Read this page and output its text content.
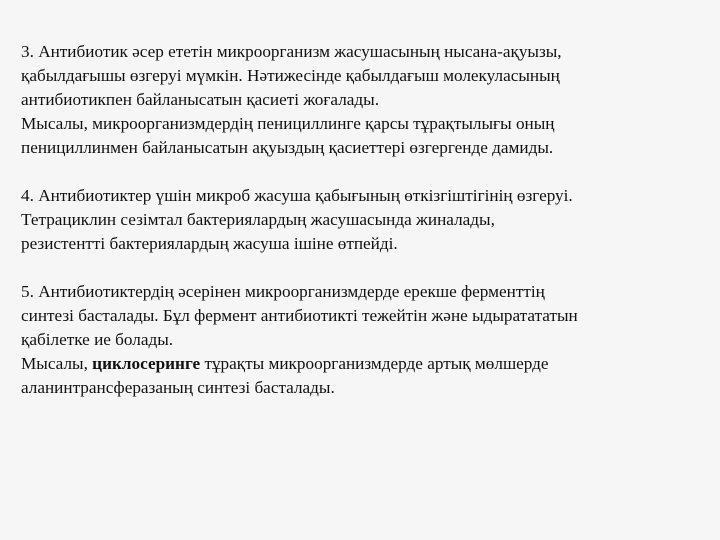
3. Антибиотик әсер ететін микроорганизм жасушасының нысана-ақуызы,
қабылдағышы өзгеруі мүмкін. Нәтижесінде қабылдағыш молекуласының
антибиотикпен байланысатын қасиеті жоғалады.
Мысалы, микроорганизмдердің пенициллинге қарсы тұрақтылығы оның
пенициллинмен байланысатын ақуыздың қасиеттері өзгергенде дамиды.

4. Антибиотиктер үшін микроб жасуша қабығының өткізгіштігінің өзгеруі.
Тетрациклин сезімтал бактериялардың жасушасында жиналады,
резистентті бактериялардың жасуша ішіне өтпейді.

5. Антибиотиктердің әсерінен микроорганизмдерде ерекше ферменттің
синтезі басталады. Бұл фермент антибиотикті тежейтін және ыдыратататын
қабілетке ие болады.
Мысалы, циклосеринге тұрақты микроорганизмдерде артық мөлшерде
аланинтрансферазаның синтезі басталады.
